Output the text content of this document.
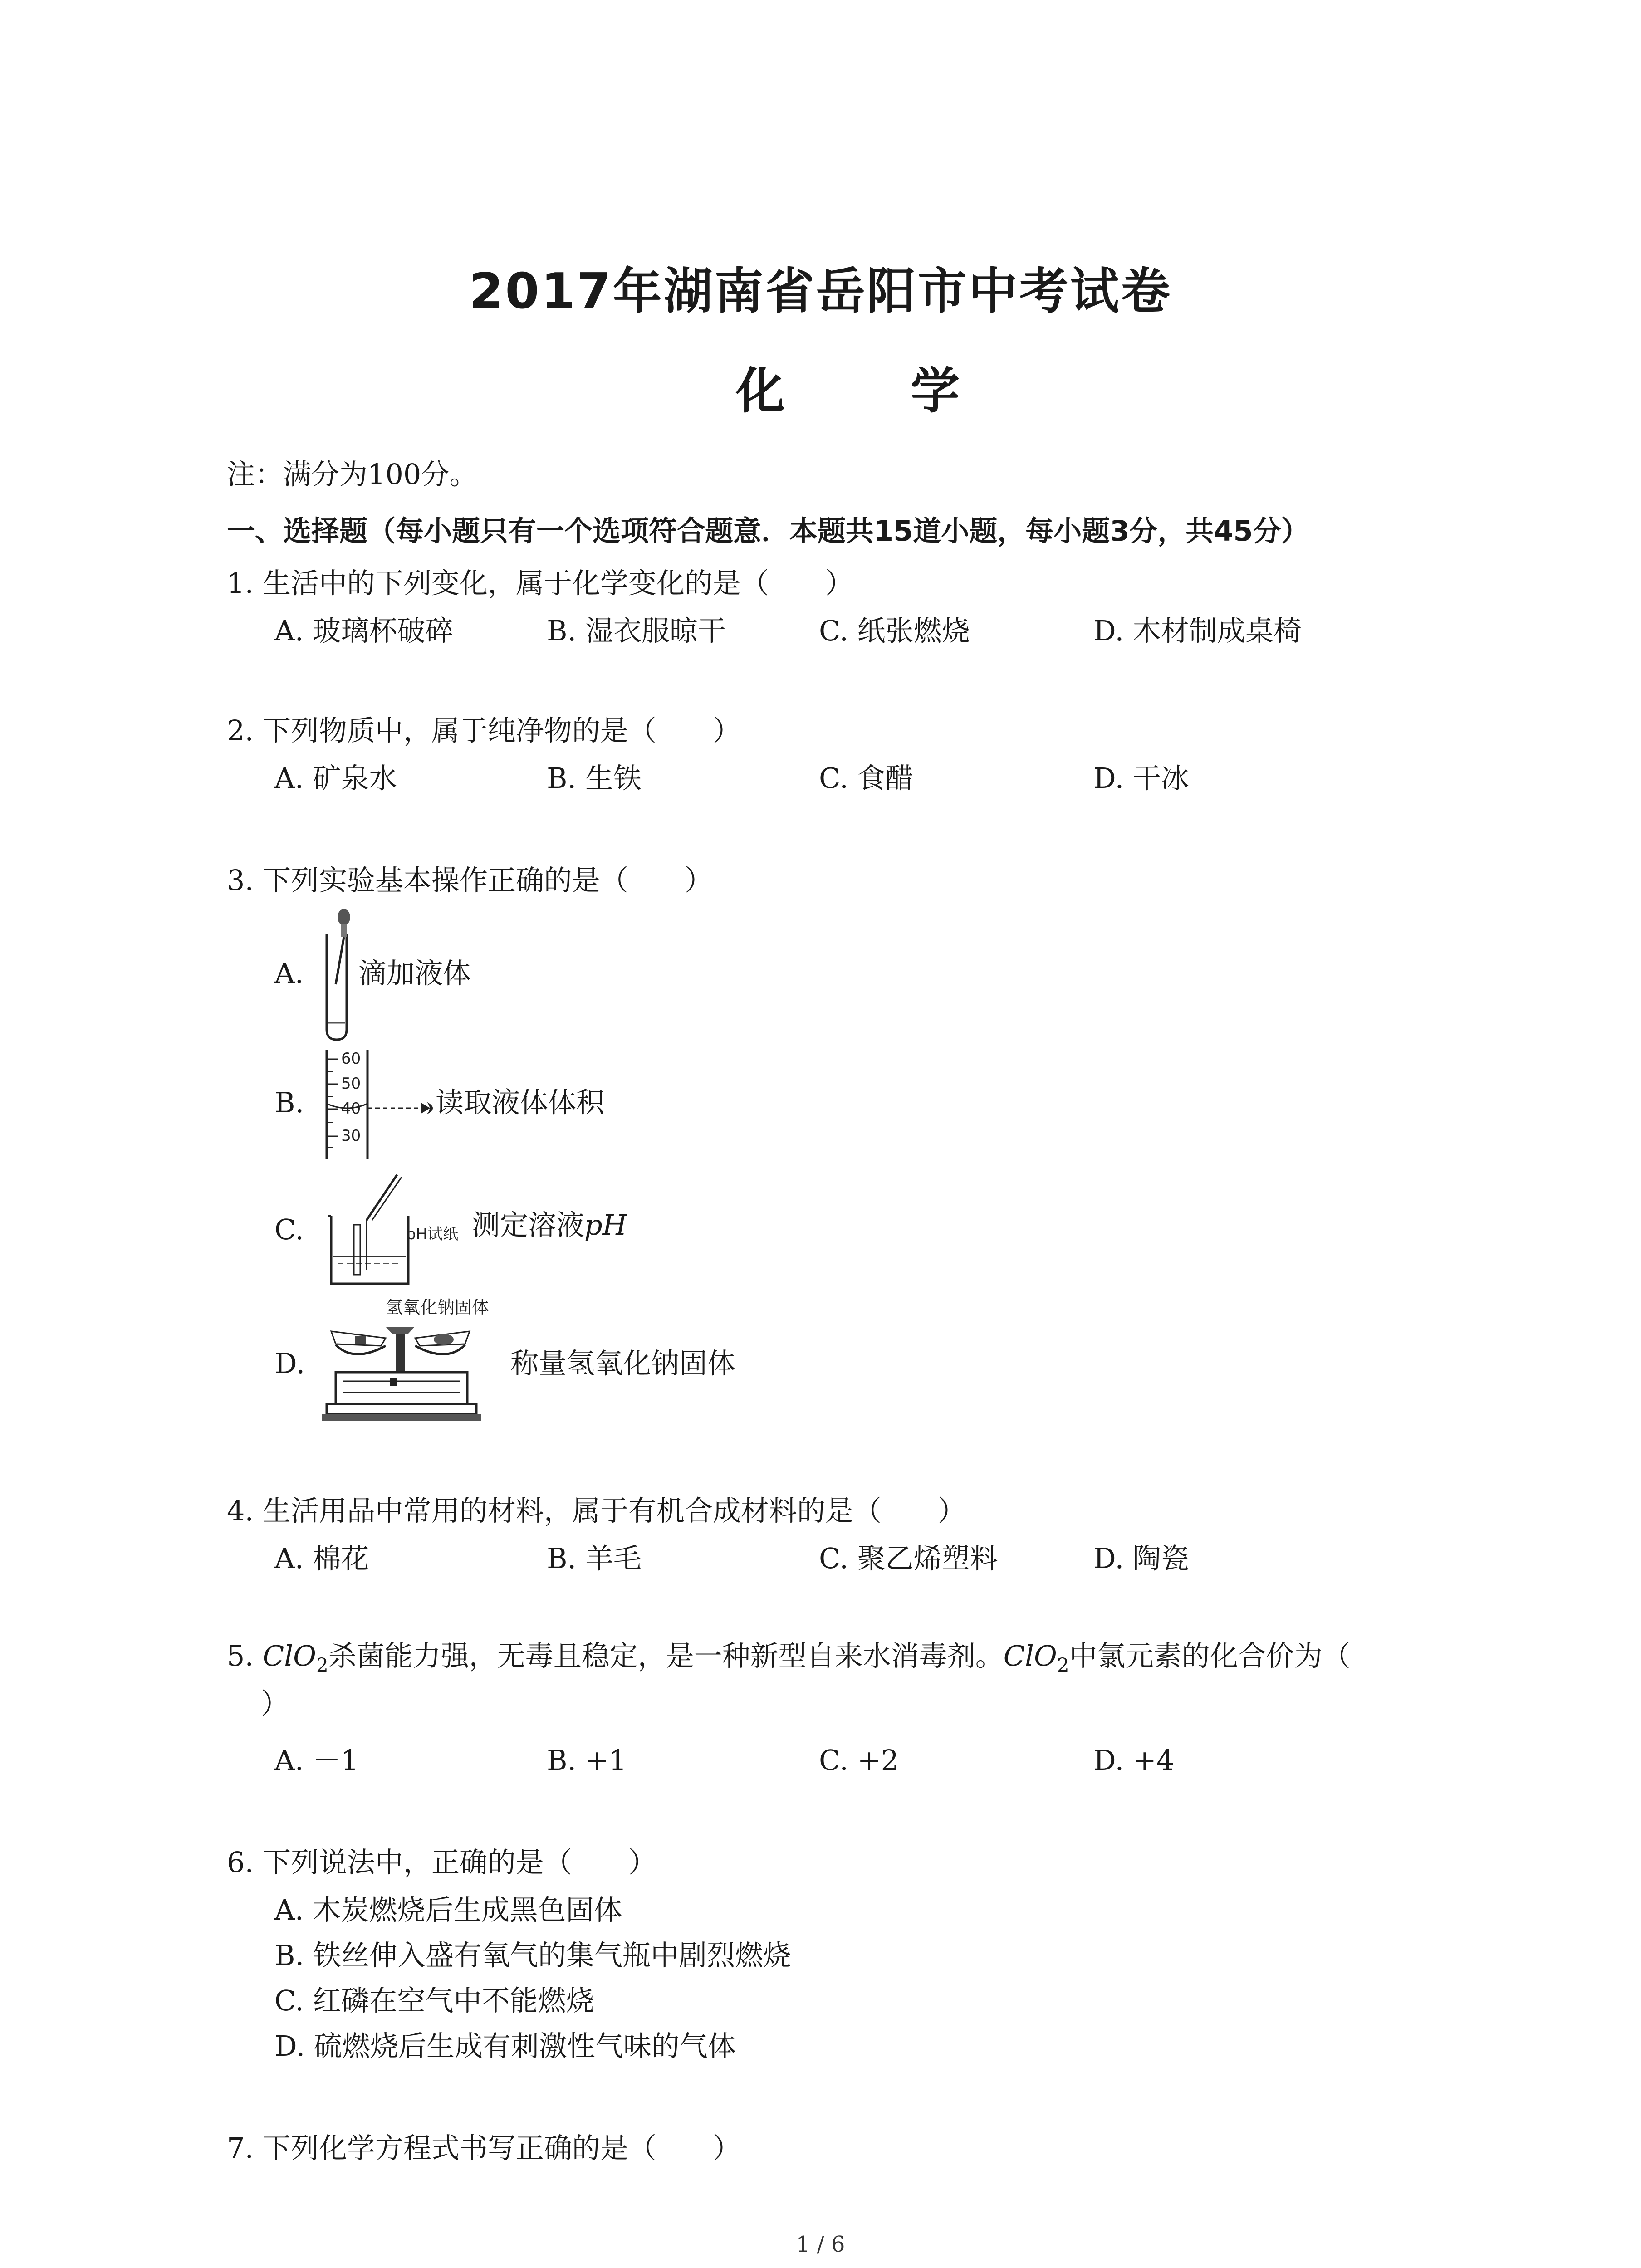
2017年湖南省岳阳市中考试卷
化 学
注：满分为100分。
一、选择题（每小题只有一个选项符合题意．本题共15道小题，每小题3分，共45分）
1. 生活中的下列变化，属于化学变化的是（　　）
A. 玻璃杯破碎	B. 湿衣服晾干	C. 纸张燃烧	D. 木材制成桌椅
2. 下列物质中，属于纯净物的是（　　）
A. 矿泉水	B. 生铁	C. 食醋	D. 干冰
3. 下列实验基本操作正确的是（　　）
A. 滴加液体
B.
60
50
40
30
读取液体体积
C.	pH试纸 测定溶液pH
D.
氢氧化钠固体
称量氢氧化钠固体
4. 生活用品中常用的材料，属于有机合成材料的是（　　）
A. 棉花	B. 羊毛	C. 聚乙烯塑料	D. 陶瓷
5. ClO$_2$杀菌能力强，无毒且稳定，是一种新型自来水消毒剂。ClO$_2$中氯元素的化合价为（
）
A. －1	B. +1	C. +2	D. +4
6. 下列说法中，正确的是（　　）
A. 木炭燃烧后生成黑色固体
B. 铁丝伸入盛有氧气的集气瓶中剧烈燃烧
C. 红磷在空气中不能燃烧
D. 硫燃烧后生成有刺激性气味的气体
7. 下列化学方程式书写正确的是（　　）
1 / 6
